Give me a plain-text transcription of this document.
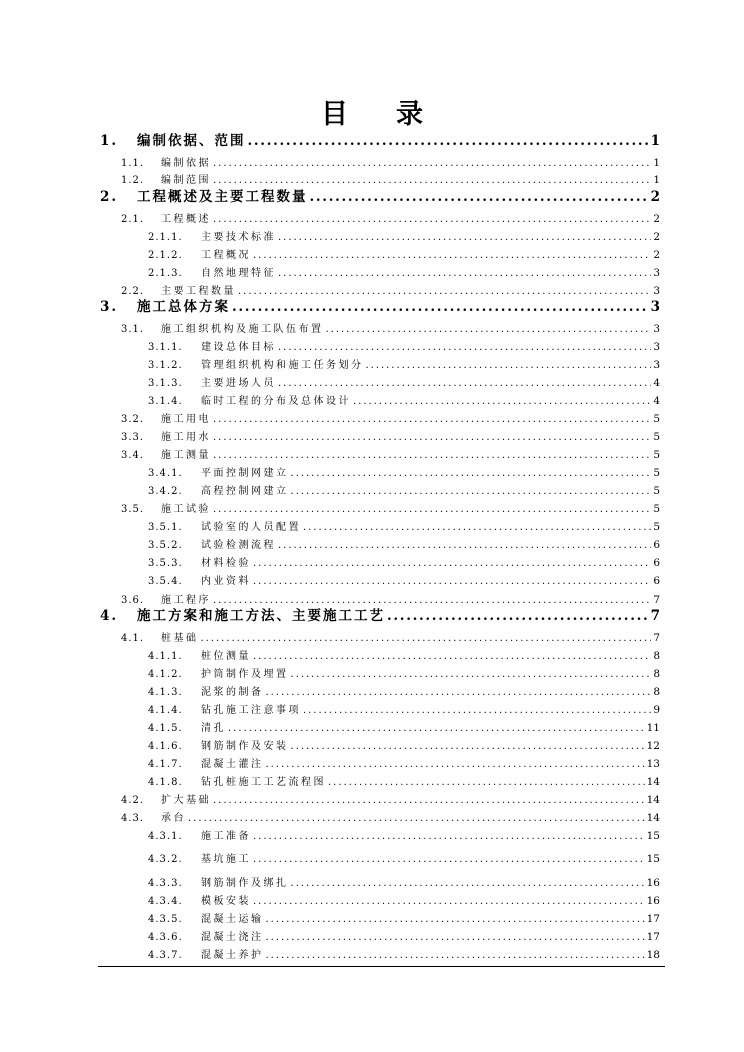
目 录
1.	编制依据、范围 . . .	1
1.1.	编制依据 . . .	1
1.2.	编制范围 . . .	1
2.	工程概述及主要工程数量 . . .	2
2.1.	工程概述 . . .	2
2.1.1.	主要技术标准 . . .	2
2.1.2.	工程概况 . . .	2
2.1.3.	自然地理特征 . . .	3
2.2.	主要工程数量 . . .	3
3.	施工总体方案 . . .	3
3.1.	施工组织机构及施工队伍布置 . . .	3
3.1.1.	建设总体目标 . . .	3
3.1.2.	管理组织机构和施工任务划分 . . .	3
3.1.3.	主要进场人员 . . .	4
3.1.4.	临时工程的分布及总体设计 . . .	4
3.2.	施工用电 . . .	5
3.3.	施工用水 . . .	5
3.4.	施工测量 . . .	5
3.4.1.	平面控制网建立 . . .	5
3.4.2.	高程控制网建立 . . .	5
3.5.	施工试验 . . .	5
3.5.1.	试验室的人员配置 . . .	5
3.5.2.	试验检测流程 . . .	6
3.5.3.	材料检验 . . .	6
3.5.4.	内业资料 . . .	6
3.6.	施工程序 . . .	7
4.	施工方案和施工方法、主要施工工艺 . . .	7
4.1.	桩基础 . . .	7
4.1.1.	桩位测量 . . .	8
4.1.2.	护筒制作及埋置 . . .	8
4.1.3.	泥浆的制备 . . .	8
4.1.4.	钻孔施工注意事项 . . .	9
4.1.5.	清孔 . . .	11
4.1.6.	钢筋制作及安装 . . .	12
4.1.7.	混凝土灌注 . . .	13
4.1.8.	钻孔桩施工工艺流程图 . . .	14
4.2.	扩大基础 . . .	14
4.3.	承台 . . .	14
4.3.1.	施工准备 . . .	15
4.3.2.	基坑施工 . . .	15
4.3.3.	钢筋制作及绑扎 . . .	16
4.3.4.	模板安装 . . .	16
4.3.5.	混凝土运输 . . .	17
4.3.6.	混凝土浇注 . . .	17
4.3.7.	混凝土养护 . . .	18
